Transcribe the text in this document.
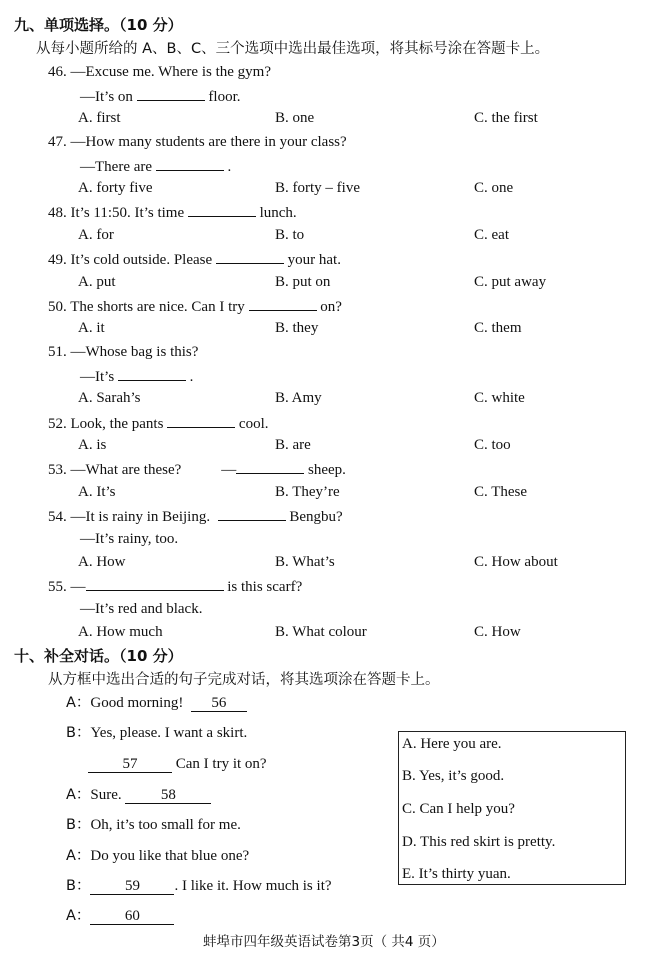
九、单项选择。（10 分）
从每小题所给的 A、B、C、三个选项中选出最佳选项，将其标号涂在答题卡上。
46. —Excuse me. Where is the gym?
—It’s on	floor.
A. first	B. one	C. the first
47. —How many students are there in your class?
—There are	.
A. forty five	B. forty – five	C. one
48. It’s 11:50. It’s time	lunch.
A. for	B. to	C. eat
49. It’s cold outside. Please	your hat.
A. put	B. put on	C. put away
50. The shorts are nice. Can I try	on?
A. it	B. they	C. them
51. —Whose bag is this?
—It’s	.
A. Sarah’s	B. Amy	C. white
52. Look, the pants	cool.
A. is	B. are	C. too
53. —What are these?	—	sheep.
A. It’s	B. They’re	C. These
54. —It is rainy in Beijing.	Bengbu?
—It’s rainy, too.
A. How	B. What’s	C. How about
55. —	is this scarf?
—It’s red and black.
A. How much	B. What colour	C. How
十、补全对话。（10 分）
从方框中选出合适的句子完成对话，将其选项涂在答题卡上。
A：Good morning! 56
B：Yes, please. I want a skirt.
57	Can I try it on?
A：Sure.	58
B：Oh, it’s too small for me.
A：Do you like that blue one?
B： 59 . I like it. How much is it?
A： 60
A. Here you are.
B. Yes, it’s good.
C. Can I help you?
D. This red skirt is pretty.
E. It’s thirty yuan.
蚌埠市四年级英语试卷第3页（ 共4 页）
